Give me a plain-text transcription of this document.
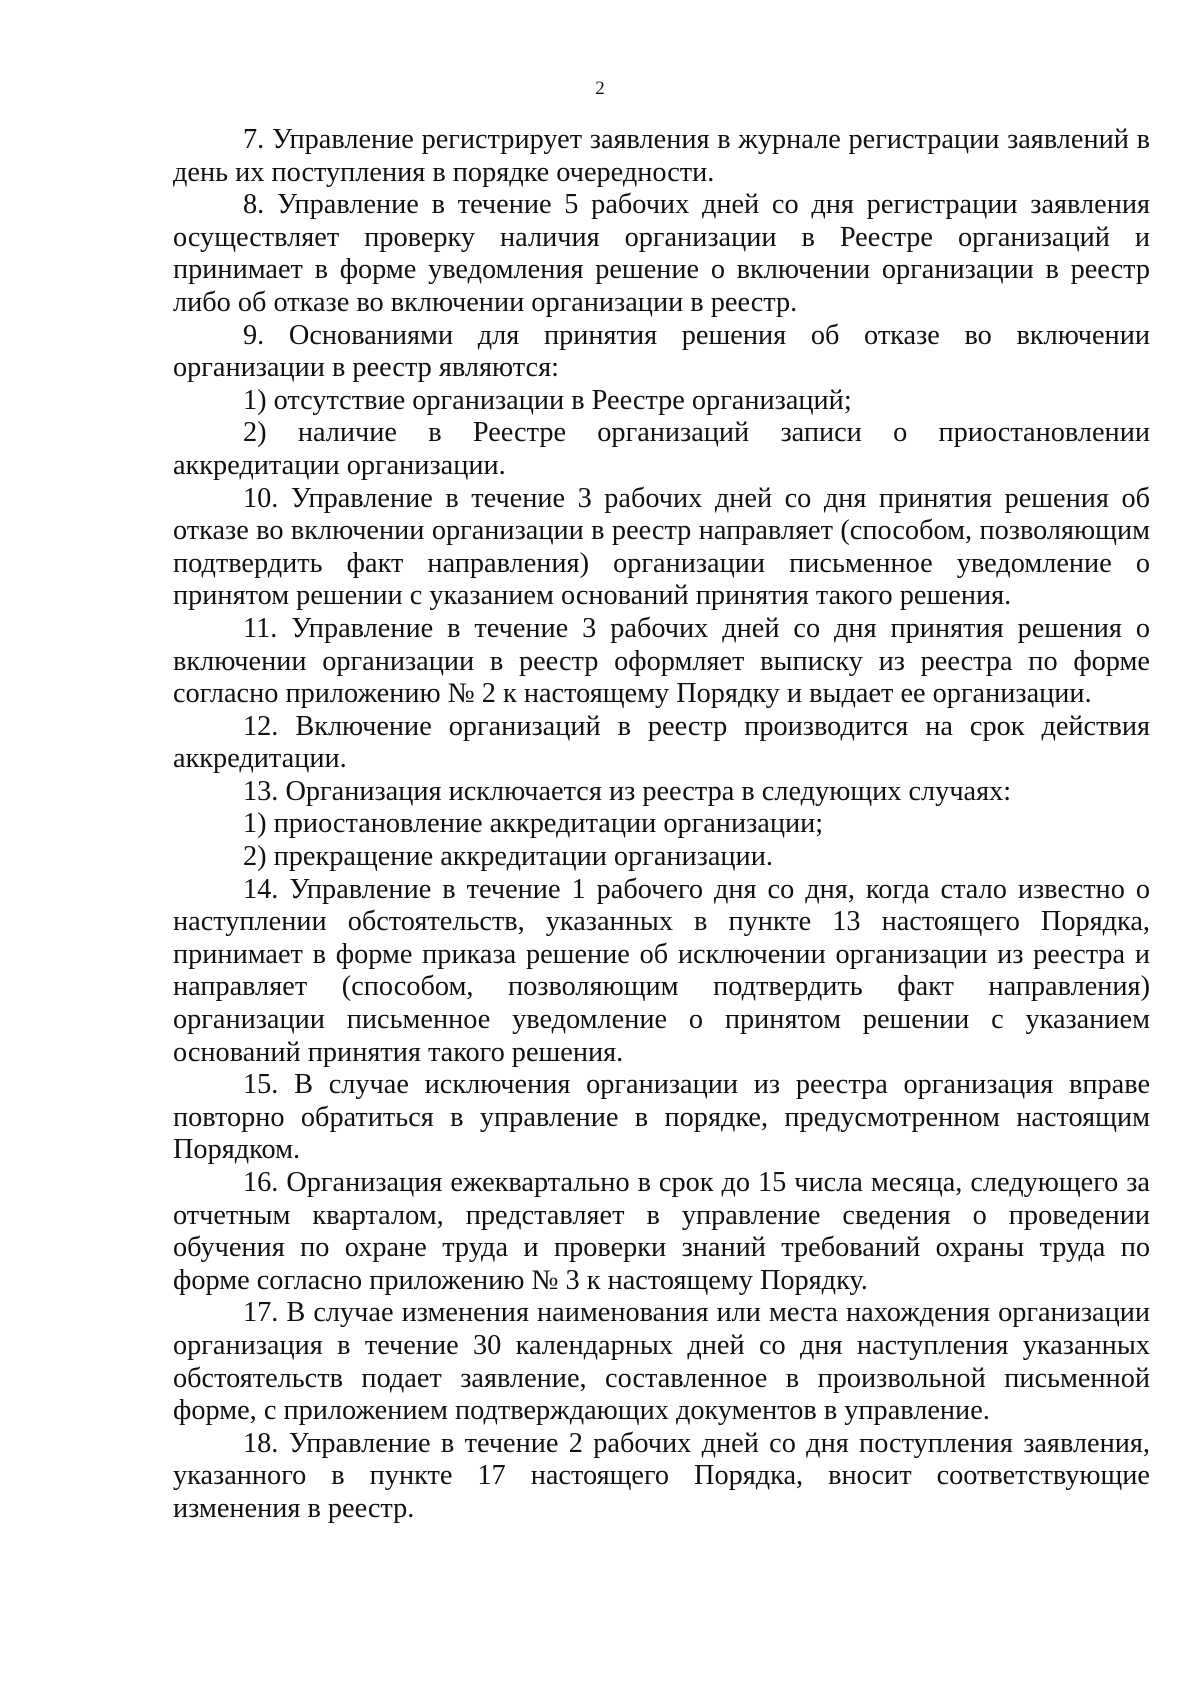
2

7. Управление регистрирует заявления в журнале регистрации заявлений в день их поступления в порядке очередности.

8. Управление в течение 5 рабочих дней со дня регистрации заявления осуществляет проверку наличия организации в Реестре организаций и принимает в форме уведомления решение о включении организации в реестр либо об отказе во включении организации в реестр.

9. Основаниями для принятия решения об отказе во включении организации в реестр являются:

1) отсутствие организации в Реестре организаций;

2) наличие в Реестре организаций записи о приостановлении аккредитации организации.

10. Управление в течение 3 рабочих дней со дня принятия решения об отказе во включении организации в реестр направляет (способом, позволяющим подтвердить факт направления) организации письменное уведомление о принятом решении с указанием оснований принятия такого решения.

11. Управление в течение 3 рабочих дней со дня принятия решения о включении организации в реестр оформляет выписку из реестра по форме согласно приложению № 2 к настоящему Порядку и выдает ее организации.

12. Включение организаций в реестр производится на срок действия аккредитации.

13. Организация исключается из реестра в следующих случаях:

1) приостановление аккредитации организации;

2) прекращение аккредитации организации.

14. Управление в течение 1 рабочего дня со дня, когда стало известно о наступлении обстоятельств, указанных в пункте 13 настоящего Порядка, принимает в форме приказа решение об исключении организации из реестра и направляет (способом, позволяющим подтвердить факт направления) организации письменное уведомление о принятом решении с указанием оснований принятия такого решения.

15. В случае исключения организации из реестра организация вправе повторно обратиться в управление в порядке, предусмотренном настоящим Порядком.

16. Организация ежеквартально в срок до 15 числа месяца, следующего за отчетным кварталом, представляет в управление сведения о проведении обучения по охране труда и проверки знаний требований охраны труда по форме согласно приложению № 3 к настоящему Порядку.

17. В случае изменения наименования или места нахождения организации организация в течение 30 календарных дней со дня наступления указанных обстоятельств подает заявление, составленное в произвольной письменной форме, с приложением подтверждающих документов в управление.

18. Управление в течение 2 рабочих дней со дня поступления заявления, указанного в пункте 17 настоящего Порядка, вносит соответствующие изменения в реестр.
